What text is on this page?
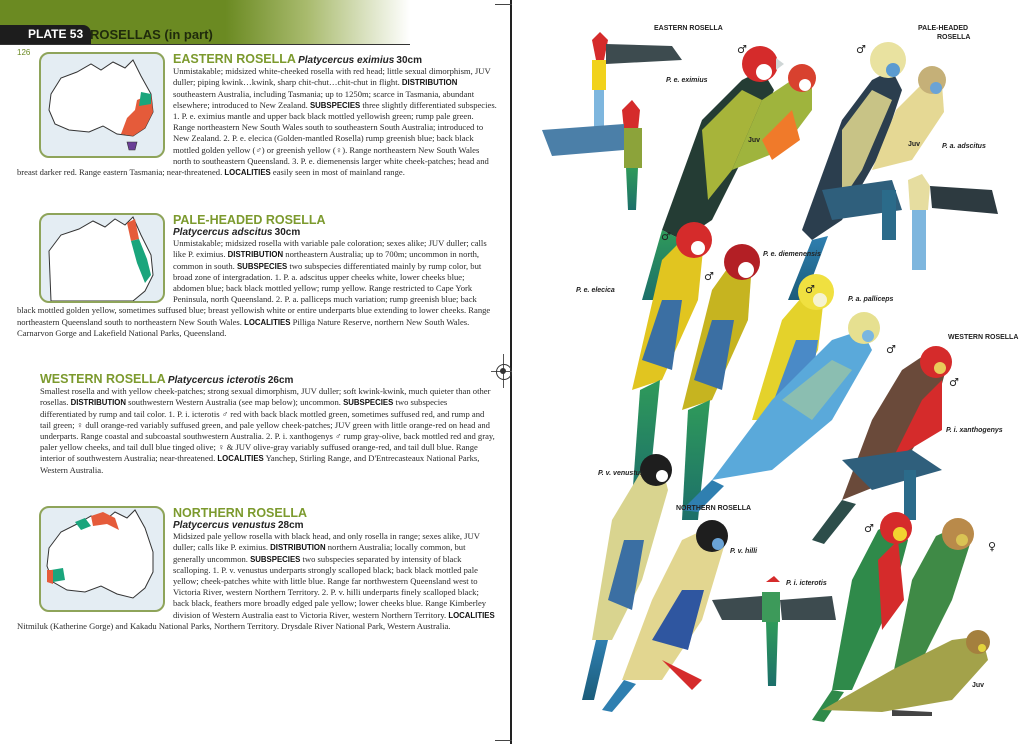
PLATE 53 ROSELLAS (in part)
126	EASTERN ROSELLA Platycercus eximius 30cm

Unmistakable; midsized white-cheeked rosella with red head; little sexual dimorphism, JUV duller; piping kwink…kwink, sharp chit-chut…chit-chut in flight. DISTRIBUTION southeastern Australia, including Tasmania; up to 1250m; scarce in Tasmania, abundant elsewhere; introduced to New Zealand. SUBSPECIES three slightly differentiated subspecies. 1. P. e. eximius mantle and upper back black mottled yellowish green; rump pale green. Range northeastern New South Wales south to southeastern South Australia; introduced to New Zealand. 2. P. e. elecica (Golden-mantled Rosella) rump greenish blue; back black mottled golden yellow (♂) or greenish yellow (♀). Range northeastern New South Wales north to southeastern Queensland. 3. P. e. diemenensis larger white cheek-patches; head and breast darker red. Range eastern Tasmania; near-threatened. LOCALITIES easily seen in most of mainland range.

PALE-HEADED ROSELLA
Platycercus adscitus 30cm

Unmistakable; midsized rosella with variable pale coloration; sexes alike; JUV duller; calls like P. eximius. DISTRIBUTION northeastern Australia; up to 700m; uncommon in north, common in south. SUBSPECIES two subspecies differentiated mainly by rump color, but broad zone of intergradation. 1. P. a. adscitus upper cheeks white, lower cheeks blue; abdomen blue; back black mottled yellow; rump yellow. Range restricted to Cape York Peninsula, north Queensland. 2. P. a. palliceps much variation; rump greenish blue; back black mottled golden yellow, sometimes suffused blue; breast yellowish white or entire underparts blue extending to lower cheeks. Range northeastern Queensland south to northeastern New South Wales. LOCALITIES Pilliga Nature Reserve, northern New South Wales. Carnarvon Gorge and Lakefield National Parks, Queensland.

WESTERN ROSELLA Platycercus icterotis 26cm

Smallest rosella and with yellow cheek-patches; strong sexual dimorphism, JUV duller; soft kwink-kwink, much quieter than other rosellas. DISTRIBUTION southwestern Western Australia (see map below); uncommon. SUBSPECIES two subspecies differentiated by rump and tail color. 1. P. i. icterotis ♂ red with back black mottled green, sometimes suffused red, and rump and tail green; ♀ dull orange-red variably suffused green, and pale yellow cheek-patches; JUV green with little orange-red on head and underparts. Range coastal and subcoastal southwestern Australia. 2. P. i. xanthogenys ♂ rump gray-olive, back mottled red and gray, paler yellow cheeks, and tail dull blue tinged olive; ♀ & JUV olive-gray variably suffused orange-red, and tail dull blue. Range interior of southwestern Australia; near-threatened. LOCALITIES Yanchep, Stirling Range, and D'Entrecasteaux National Parks, Western Australia.

NORTHERN ROSELLA
Platycercus venustus 28cm

Midsized pale yellow rosella with black head, and only rosella in range; sexes alike, JUV duller; calls like P. eximius. DISTRIBUTION northern Australia; locally common, but generally uncommon. SUBSPECIES two subspecies separated by intensity of black scalloping. 1. P. v. venustus underparts strongly scalloped black; back black mottled pale yellow; cheek-patches white with little blue. Range far northwestern Queensland west to Victoria River, western Northern Territory. 2. P. v. hilli underparts finely scalloped black; back black, feathers more broadly edged pale yellow; lower cheeks blue. Range Kimberley division of Western Australia east to Victoria River, western Northern Territory. LOCALITIES Nitmiluk (Katherine Gorge) and Kakadu National Parks, Northern Territory. Drysdale River National Park, Western Australia.

EASTERN ROSELLA	PALE-HEADED
ROSELLA
WESTERN ROSELLA
NORTHERN ROSELLA
P. e. eximius
P. a. adscitus
P. e. elecica
P. e. diemenensis
P. a. palliceps
P. i. xanthogenys
P. v. venustus
P. v. hilli
P. i. icterotis
Juv
Juv
Juv
♂	♂
♂
♂
♂
♂
♂
♂
♀
